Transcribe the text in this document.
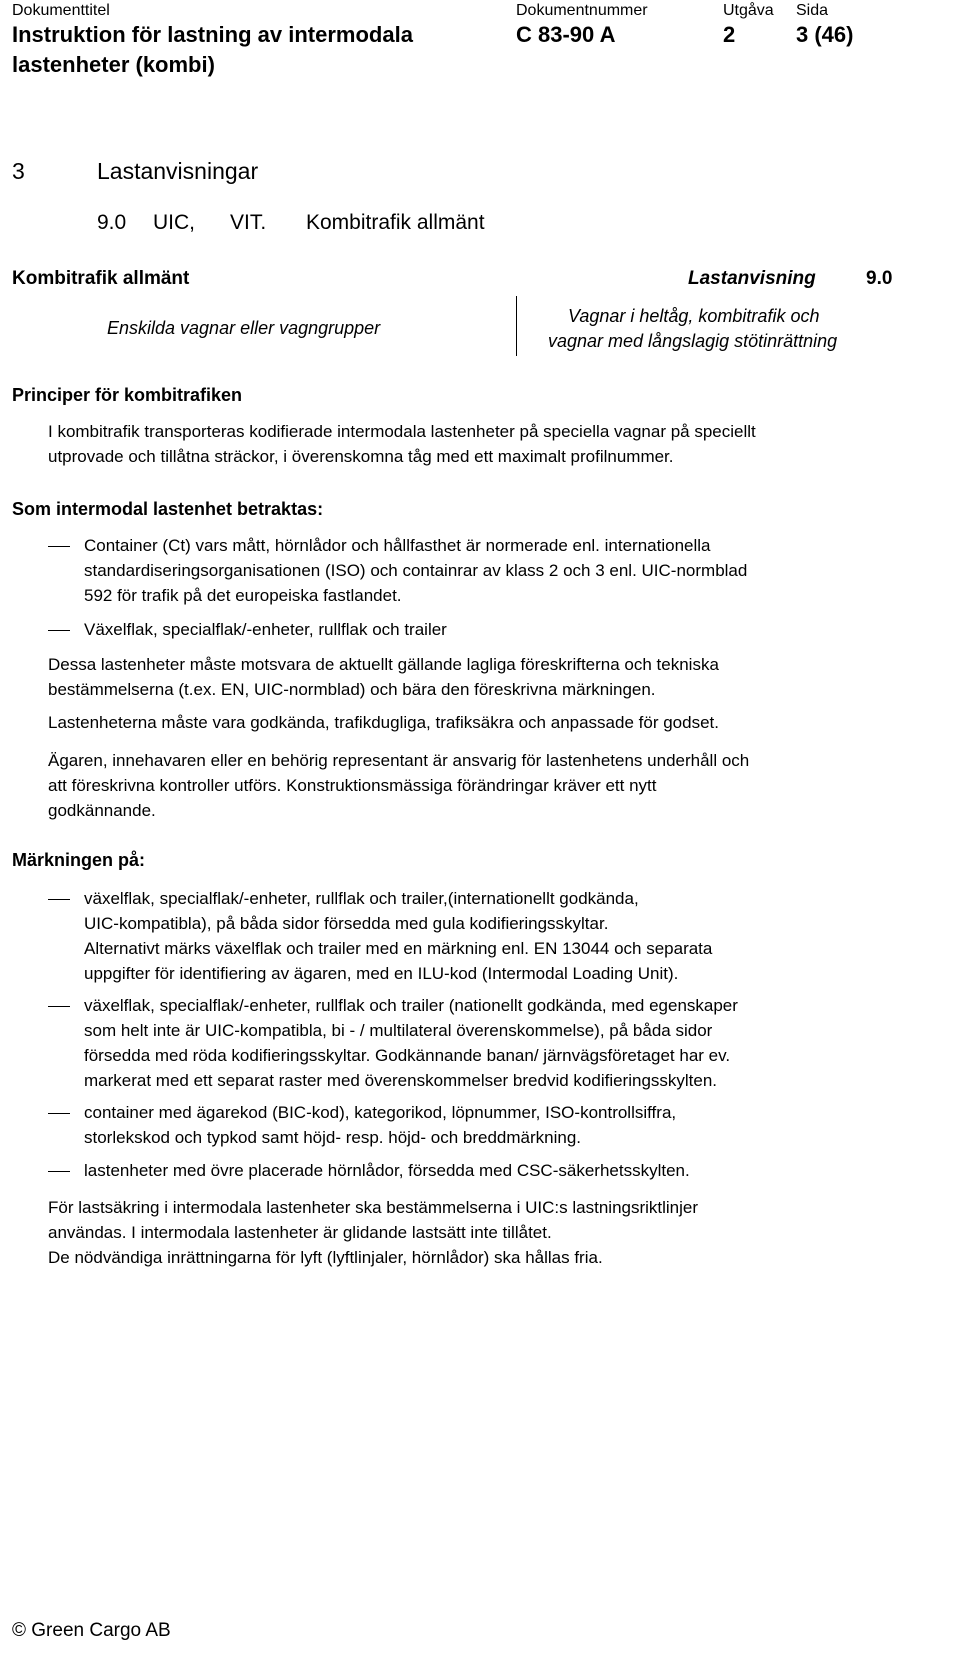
Dokumenttitel
Instruktion för lastning av intermodala
lastenheter (kombi)
Dokumentnummer
C 83-90 A
Utgåva
2
Sida
3 (46)
3	Lastanvisningar
9.0 UIC, VIT. Kombitrafik allmänt
Kombitrafik allmänt	Lastanvisning	9.0
Enskilda vagnar eller vagngrupper
Vagnar i heltåg, kombitrafik och
vagnar med långslagig stötinrättning
Principer för kombitrafiken
I kombitrafik transporteras kodifierade intermodala lastenheter på speciella vagnar på speciellt
utprovade och tillåtna sträckor, i överenskomna tåg med ett maximalt profilnummer.
Som intermodal lastenhet betraktas:
Container (Ct) vars mått, hörnlådor och hållfasthet är normerade enl. internationella
standardiseringsorganisationen (ISO) och containrar av klass 2 och 3 enl. UIC-normblad
592 för trafik på det europeiska fastlandet.
Växelflak, specialflak/-enheter, rullflak och trailer
Dessa lastenheter måste motsvara de aktuellt gällande lagliga föreskrifterna och tekniska
bestämmelserna (t.ex. EN, UIC-normblad) och bära den föreskrivna märkningen.
Lastenheterna måste vara godkända, trafikdugliga, trafiksäkra och anpassade för godset.
Ägaren, innehavaren eller en behörig representant är ansvarig för lastenhetens underhåll och
att föreskrivna kontroller utförs. Konstruktionsmässiga förändringar kräver ett nytt
godkännande.
Märkningen på:
växelflak, specialflak/-enheter, rullflak och trailer,(internationellt godkända,
UIC-kompatibla), på båda sidor försedda med gula kodifieringsskyltar.
Alternativt märks växelflak och trailer med en märkning enl. EN 13044 och separata
uppgifter för identifiering av ägaren, med en ILU-kod (Intermodal Loading Unit).
växelflak, specialflak/-enheter, rullflak och trailer (nationellt godkända, med egenskaper
som helt inte är UIC-kompatibla, bi - / multilateral överenskommelse), på båda sidor
försedda med röda kodifieringsskyltar. Godkännande banan/ järnvägsföretaget har ev.
markerat med ett separat raster med överenskommelser bredvid kodifieringsskylten.
container med ägarekod (BIC-kod), kategorikod, löpnummer, ISO-kontrollsiffra,
storlekskod och typkod samt höjd- resp. höjd- och breddmärkning.
lastenheter med övre placerade hörnlådor, försedda med CSC-säkerhetsskylten.
För lastsäkring i intermodala lastenheter ska bestämmelserna i UIC:s lastningsriktlinjer
användas. I intermodala lastenheter är glidande lastsätt inte tillåtet.
De nödvändiga inrättningarna för lyft (lyftlinjaler, hörnlådor) ska hållas fria.
© Green Cargo AB
